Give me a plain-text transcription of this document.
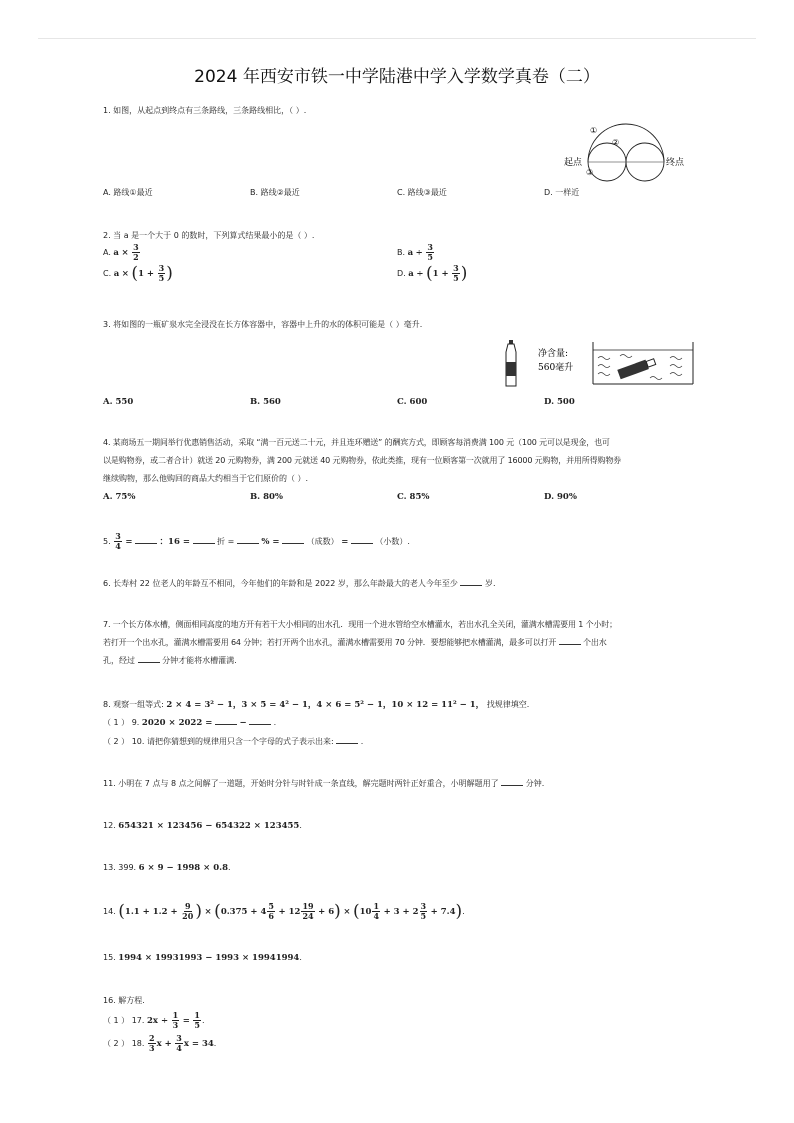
2024 年西安市铁一中学陆港中学入学数学真卷（二）
1. 如图，从起点到终点有三条路线，三条路线相比，（ ）.
起点	终点
①
②
③
A. 路线①最近	B. 路线②最近	C. 路线③最近	D. 一样近
2. 当 a 是一个大于 0 的数时，下列算式结果最小的是（ ）.
A. $a \times \frac{3}{2}$	B. $a \div \frac{3}{5}$
C. $a \times (1 + \frac{3}{5}$ )	D. $a \div (1 + \frac{3}{5}$ )
3. 将如图的一瓶矿泉水完全浸没在长方体容器中，容器中上升的水的体积可能是（ ）毫升.
净含量:
560毫升
A. 550	B. 560	C. 600	D. 500
4. 某商场五一期间举行优惠销售活动，采取 “满一百元送二十元，并且连环赠送” 的酬宾方式，即顾客每消费满 100 元（100 元可以是现金，也可
以是购物券，或二者合计）就送 20 元购物券，满 200 元就送 40 元购物券，依此类推，现有一位顾客第一次就用了 16000 元购物，并用所得购物券
继续购物，那么他购回的商品大约相当于它们原价的（ ）.
A. 75%	B. 80%	C. 85%	D. 90%
5. $\frac{3}{4}$ =	：16 =	折 =	% =	（成数） =	（小数）.
6. 长寿村 22 位老人的年龄互不相同，今年他们的年龄和是 2022 岁，那么年龄最大的老人今年至少	岁.
7. 一个长方体水槽，侧面相同高度的地方开有若干大小相同的出水孔．现用一个进水管给空水槽灌水，若出水孔全关闭，灌满水槽需要用 1 个小时；
若打开一个出水孔，灌满水槽需要用 64 分钟；若打开两个出水孔，灌满水槽需要用 70 分钟．要想能够把水槽灌满，最多可以打开	个出水
孔，经过	分钟才能将水槽灌满.
8. 观察一组等式: 2 × 4 = 3² − 1，3 × 5 = 4² − 1，4 × 6 = 5² − 1，10 × 12 = 11² − 1， 找规律填空.
（ 1 ） 9. 2020 × 2022 =	−	.
（ 2 ） 10. 请把你猜想到的规律用只含一个字母的式子表示出来:	.
11. 小明在 7 点与 8 点之间解了一道题，开始时分针与时针成一条直线，解完题时两针正好重合，小明解题用了	分钟.
12. 654321 × 123456 − 654322 × 123455.
13. 399. 6 × 9 − 1998 × 0.8.
14. ($1.1 + 1.2 + \frac{9}{20}$ ) × $(0.375 + 4 \frac{5}{6} + 12 \frac{19}{24} + 6) \times (10 \frac{1}{4} + 3 + 2 \frac{3}{5} + 7.4)$.
15. 1994 × 19931993 − 1993 × 19941994.
16. 解方程.
（ 1 ） 17. $2x \div \frac{1}{3} = \frac{1}{5}$ .
（ 2 ） 18. $\frac{2}{3}$ $x + \frac{3}{4}$ x = 34.
